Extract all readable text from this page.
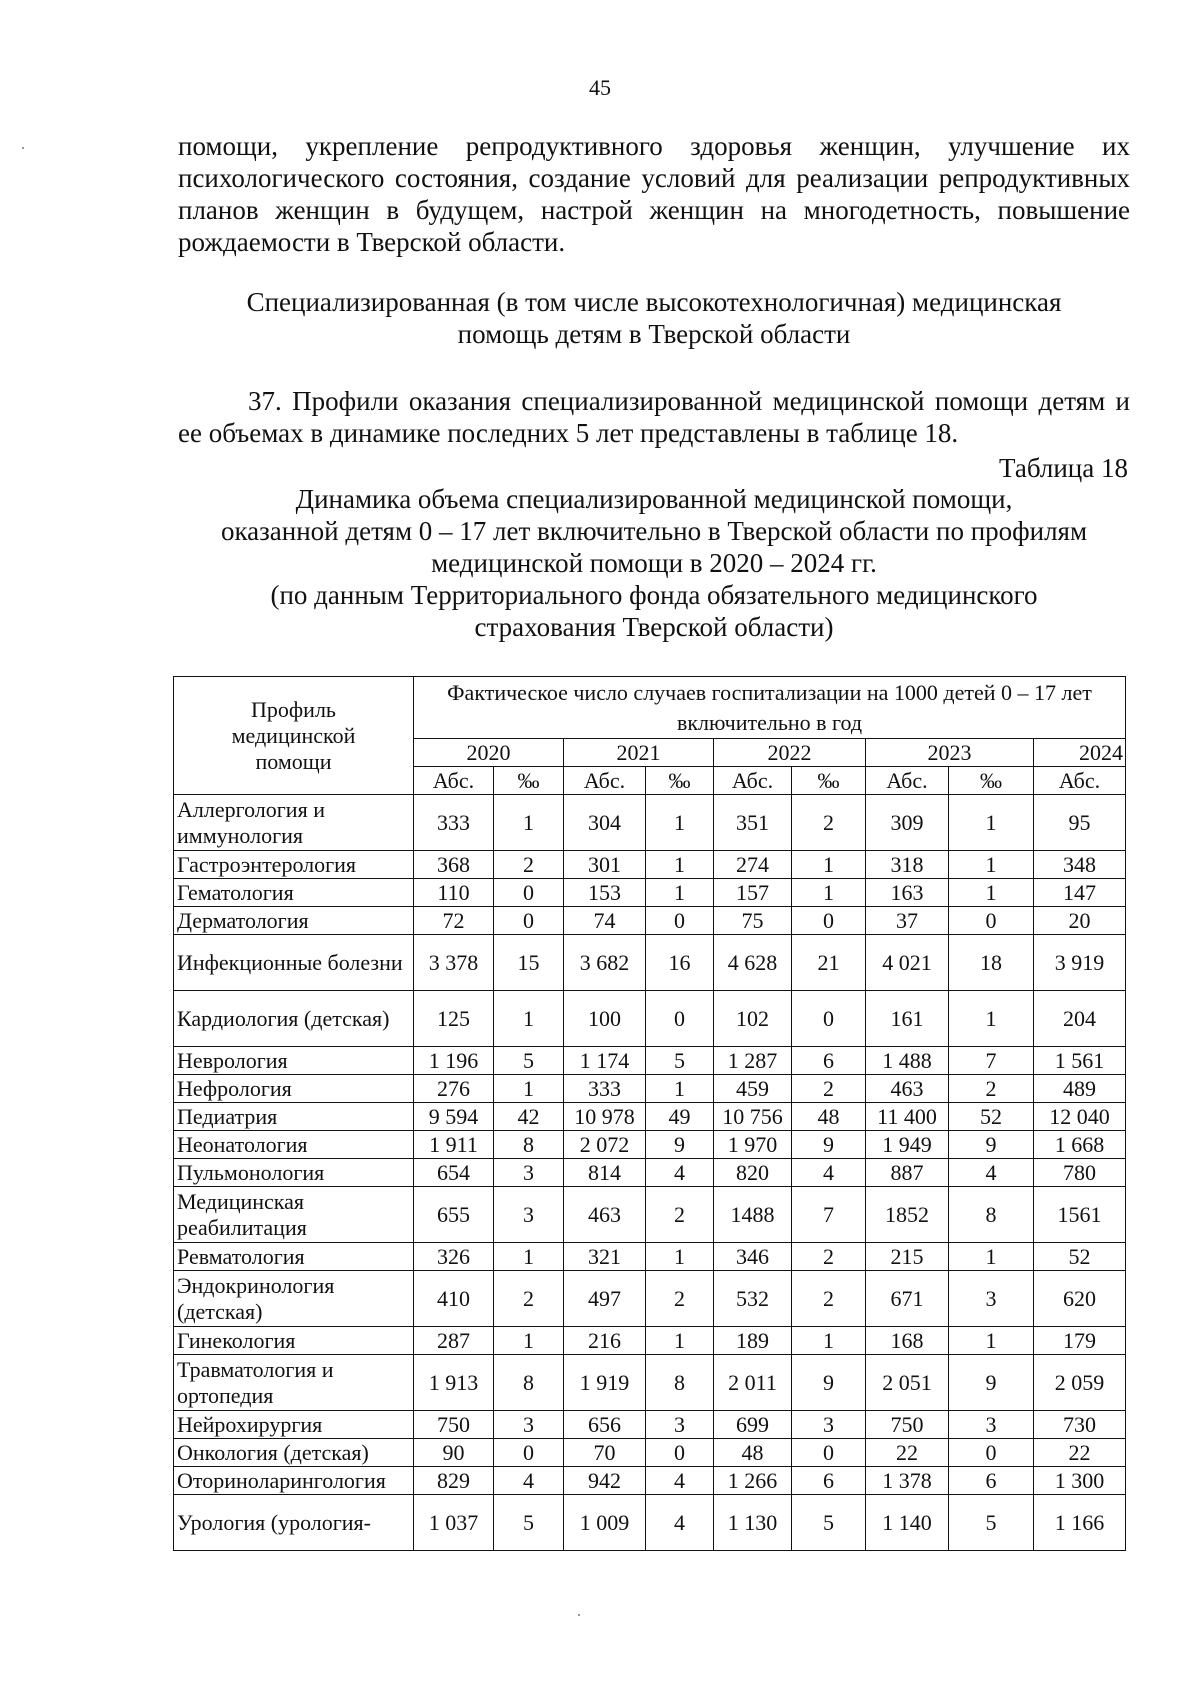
45

помощи, укрепление репродуктивного здоровья женщин, улучшение их психологического состояния, создание условий для реализации репродуктивных планов женщин в будущем, настрой женщин на многодетность, повышение рождаемости в Тверской области.

Специализированная (в том числе высокотехнологичная) медицинская
помощь детям в Тверской области

37. Профили оказания специализированной медицинской помощи детям и ее объемах в динамике последних 5 лет представлены в таблице 18.

Таблица 18
Динамика объема специализированной медицинской помощи,
оказанной детям 0 – 17 лет включительно в Тверской области по профилям
медицинской помощи в 2020 – 2024 гг.
(по данным Территориального фонда обязательного медицинского
страхования Тверской области)
Профиль медицинской помощи	Фактическое число случаев госпитализации на 1000 детей 0 – 17 лет включительно в год								
	2020		2021		2022		2023		2024
	Абс.	‰	Абс.	‰	Абс.	‰	Абс.	‰	Абс.
Аллергология и иммунология	333	1	304	1	351	2	309	1	95
Гастроэнтерология	368	2	301	1	274	1	318	1	348
Гематология	110	0	153	1	157	1	163	1	147
Дерматология	72	0	74	0	75	0	37	0	20
Инфекционные болезни	3 378	15	3 682	16	4 628	21	4 021	18	3 919
Кардиология (детская)	125	1	100	0	102	0	161	1	204
Неврология	1 196	5	1 174	5	1 287	6	1 488	7	1 561
Нефрология	276	1	333	1	459	2	463	2	489
Педиатрия	9 594	42	10 978	49	10 756	48	11 400	52	12 040
Неонатология	1 911	8	2 072	9	1 970	9	1 949	9	1 668
Пульмонология	654	3	814	4	820	4	887	4	780
Медицинская реабилитация	655	3	463	2	1488	7	1852	8	1561
Ревматология	326	1	321	1	346	2	215	1	52
Эндокринология (детская)	410	2	497	2	532	2	671	3	620
Гинекология	287	1	216	1	189	1	168	1	179
Травматология и ортопедия	1 913	8	1 919	8	2 011	9	2 051	9	2 059
Нейрохирургия	750	3	656	3	699	3	750	3	730
Онкология (детская)	90	0	70	0	48	0	22	0	22
Оториноларингология	829	4	942	4	1 266	6	1 378	6	1 300
Урология (урология-	1 037	5	1 009	4	1 130	5	1 140	5	1 166
